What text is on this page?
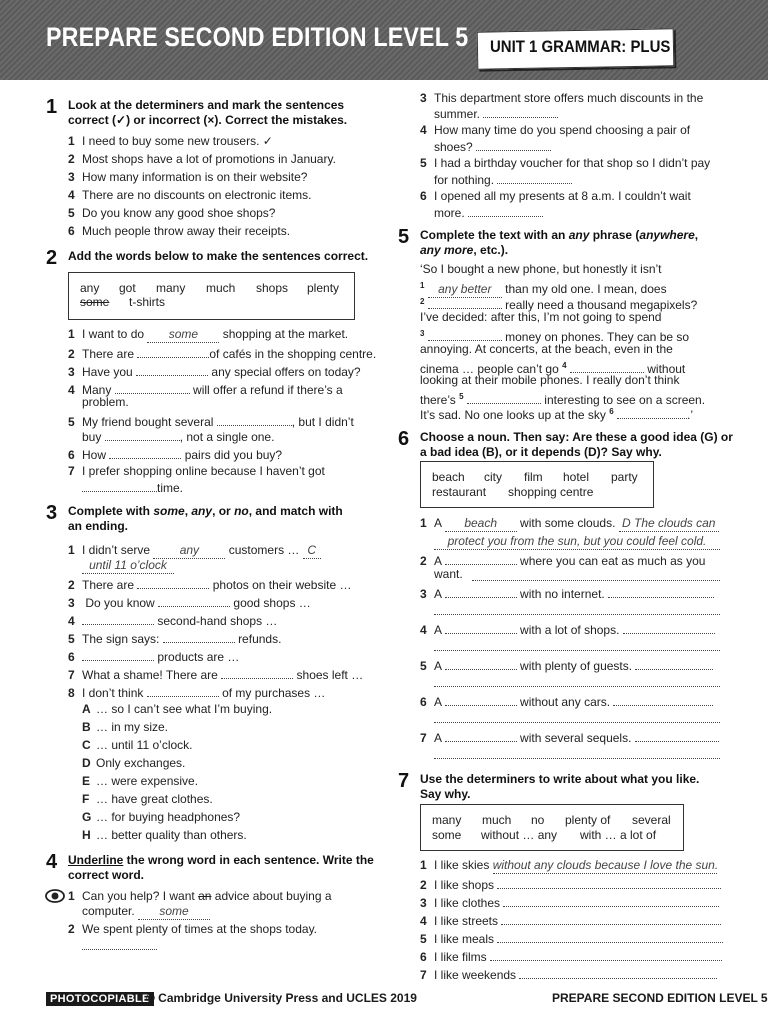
PREPARE SECOND EDITION LEVEL 5 UNIT 1 GRAMMAR: PLUS
1 Look at the determiners and mark the sentences
correct (✓) or incorrect (×). Correct the mistakes.
1 I need to buy some new trousers. ✓
2 Most shops have a lot of promotions in January.
3 How many information is on their website?
4 There are no discounts on electronic items.
5 Do you know any good shoe shops?
6 Much people throw away their receipts.
2 Add the words below to make the sentences correct.
any got many much shops plenty
some t-shirts
1 I want to do some shopping at the market.
2 There are	of cafés in the shopping centre.
3 Have you	any special offers on today?
4 Many	will offer a refund if there’s a
problem.
5 My friend bought several	, but I didn’t
buy	, not a single one.
6 How	pairs did you buy?
7 I prefer shopping online because I haven’t got
time.
3 Complete with some, any, or no, and match with
an ending.
1 I didn’t serve any customers … C
until 11 o’clock
2 There are	photos on their website …
3 Do you know	good shops …
4	second-hand shops …
5 The sign says:	refunds.
6	products are …
7 What a shame! There are	shoes left …
8 I don’t think	of my purchases …
A … so I can’t see what I’m buying.
B … in my size.
C … until 11 o’clock.
D Only exchanges.
E … were expensive.
F … have great clothes.
G … for buying headphones?
H … better quality than others.
4 Underline the wrong word in each sentence. Write the
correct word.
1 Can you help? I want an advice about buying a
computer. some
2 We spent plenty of times at the shops today.
3 This department store offers much discounts in the
summer.
4 How many time do you spend choosing a pair of
shoes?
5 I had a birthday voucher for that shop so I didn’t pay
for nothing.
6 I opened all my presents at 8 a.m. I couldn’t wait
more.
5 Complete the text with an any phrase (anywhere,
any more, etc.).
‘So I bought a new phone, but honestly it isn’t
$^1$ any better than my old one. I mean, does
$^2$	really need a thousand megapixels?
I’ve decided: after this, I’m not going to spend
$^3$	money on phones. They can be so
annoying. At concerts, at the beach, even in the
cinema … people can’t go $^4$	without
looking at their mobile phones. I really don’t think
there’s $^5$	interesting to see on a screen.
It’s sad. No one looks up at the sky $^6$	.’
6 Choose a noun. Then say: Are these a good idea (G) or
a bad idea (B), or it depends (D)? Say why.
beach city film hotel party
restaurant shopping centre
1 A beach with some clouds. D The clouds can
protect you from the sun, but you could feel cold.
2 A	where you can eat as much as you
want.
3 A	with no internet.
4 A	with a lot of shops.
5 A	with plenty of guests.
6 A	without any cars.
7 A	with several sequels.
7 Use the determiners to write about what you like.
Say why.
many much no plenty of several
some without … any with … a lot of
1 I like skies without any clouds because I love the sun.
2 I like shops
3 I like clothes
4 I like streets
5 I like meals
6 I like films
7 I like weekends
PHOTOCOPIABLE
© Cambridge University Press and UCLES 2019	PREPARE SECOND EDITION LEVEL 5
